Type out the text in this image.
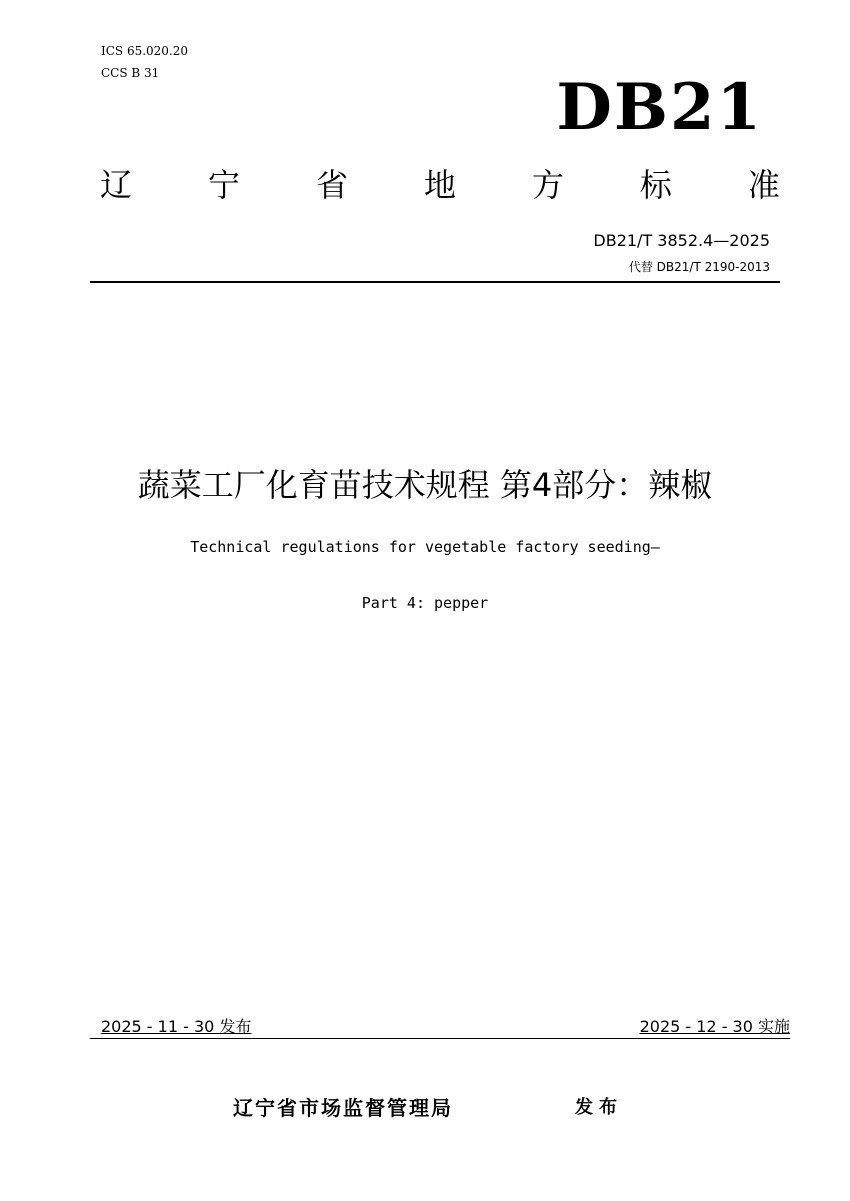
ICS 65.020.20
CCS B 31	DB21
辽 宁 省 地 方 标 准
DB21/T 3852.4—2025
代替 DB21/T 2190-2013
蔬菜工厂化育苗技术规程 第4部分：辣椒
Technical regulations for vegetable factory seeding—
Part 4: pepper
2025 - 11 - 30 发布	2025 - 12 - 30 实施
辽宁省市场监督管理局	发布
